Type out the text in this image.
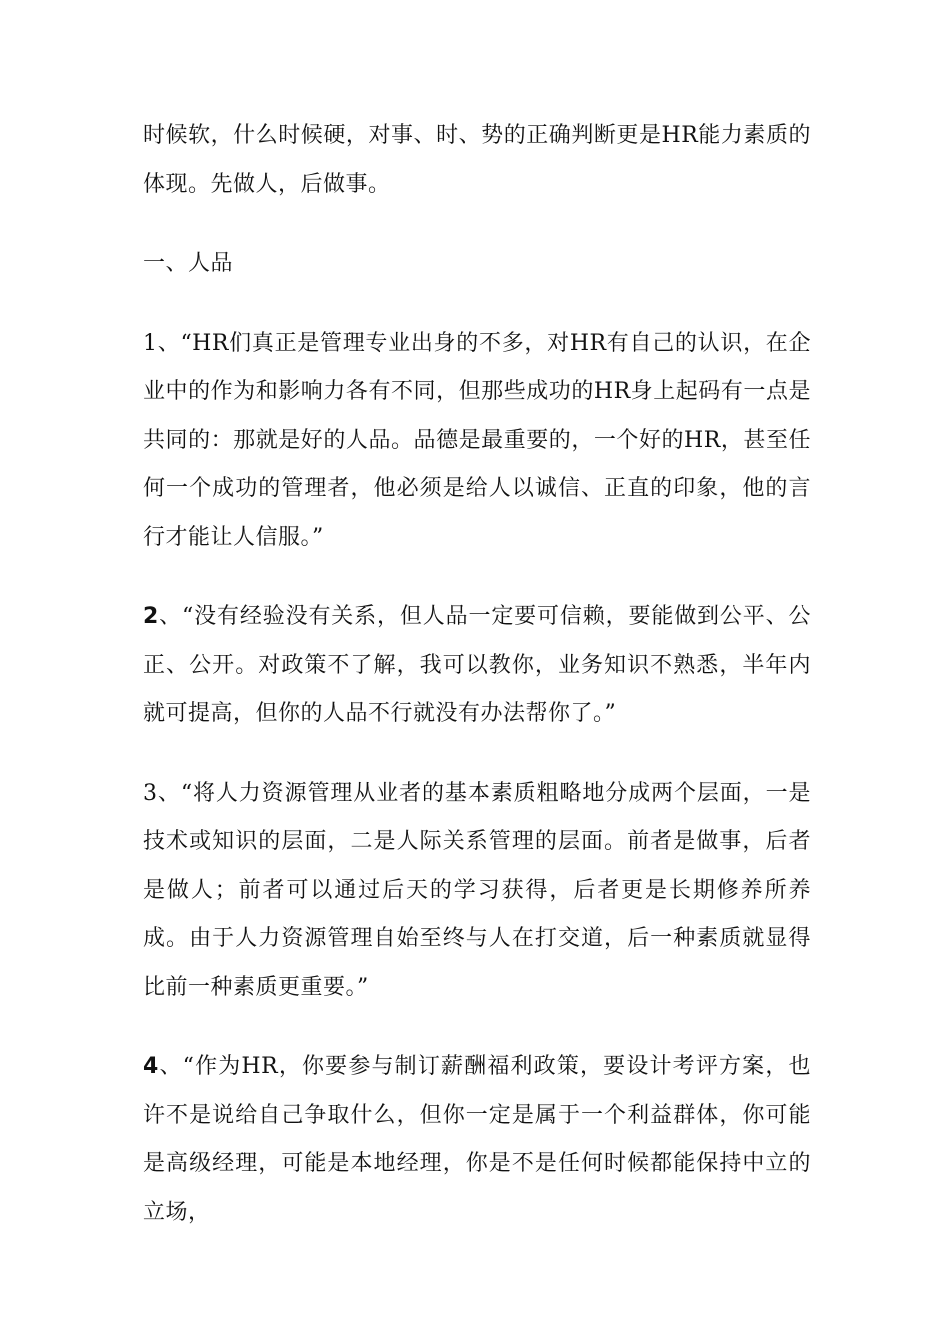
时候软，什么时候硬，对事、时、势的正确判断更是HR能力素质的体现。先做人，后做事。

一、人品

1、“HR们真正是管理专业出身的不多，对HR有自己的认识，在企业中的作为和影响力各有不同，但那些成功的HR身上起码有一点是共同的：那就是好的人品。品德是最重要的，一个好的HR，甚至任何一个成功的管理者，他必须是给人以诚信、正直的印象，他的言行才能让人信服。”

2、“没有经验没有关系，但人品一定要可信赖，要能做到公平、公正、公开。对政策不了解，我可以教你，业务知识不熟悉，半年内就可提高，但你的人品不行就没有办法帮你了。”

3、“将人力资源管理从业者的基本素质粗略地分成两个层面，一是技术或知识的层面，二是人际关系管理的层面。前者是做事，后者是做人；前者可以通过后天的学习获得，后者更是长期修养所养成。由于人力资源管理自始至终与人在打交道，后一种素质就显得比前一种素质更重要。”

4、“作为HR，你要参与制订薪酬福利政策，要设计考评方案，也许不是说给自己争取什么，但你一定是属于一个利益群体，你可能是高级经理，可能是本地经理，你是不是任何时候都能保持中立的立场，
